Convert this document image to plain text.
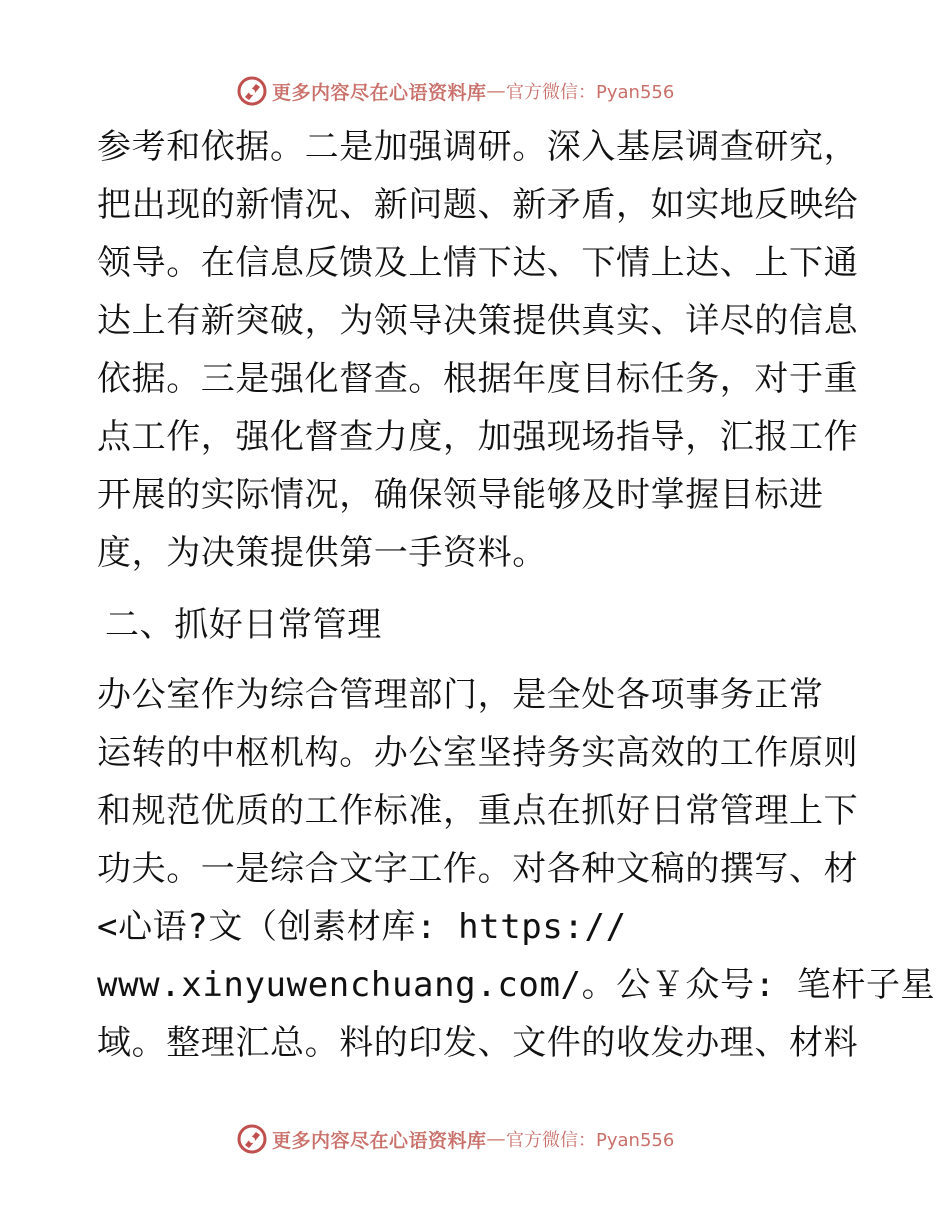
更多内容尽在心语资料库 — 官方微信：Pyan556
参考和依据。二是加强调研。深入基层调查研究，
把出现的新情况、新问题、新矛盾，如实地反映给
领导。在信息反馈及上情下达、下情上达、上下通
达上有新突破，为领导决策提供真实、详尽的信息
依据。三是强化督查。根据年度目标任务，对于重
点工作，强化督查力度，加强现场指导，汇报工作
开展的实际情况，确保领导能够及时掌握目标进
度，为决策提供第一手资料。
二、抓好日常管理
办公室作为综合管理部门，是全处各项事务正常
运转的中枢机构。办公室坚持务实高效的工作原则
和规范优质的工作标准，重点在抓好日常管理上下
功夫。一是综合文字工作。对各种文稿的撰写、材
<心语?文（创素材库: https://
www.xinyuwenchuang.com/。公￥众号: 笔杆子星
域。整理汇总。料的印发、文件的收发办理、材料
更多内容尽在心语资料库 — 官方微信：Pyan556
